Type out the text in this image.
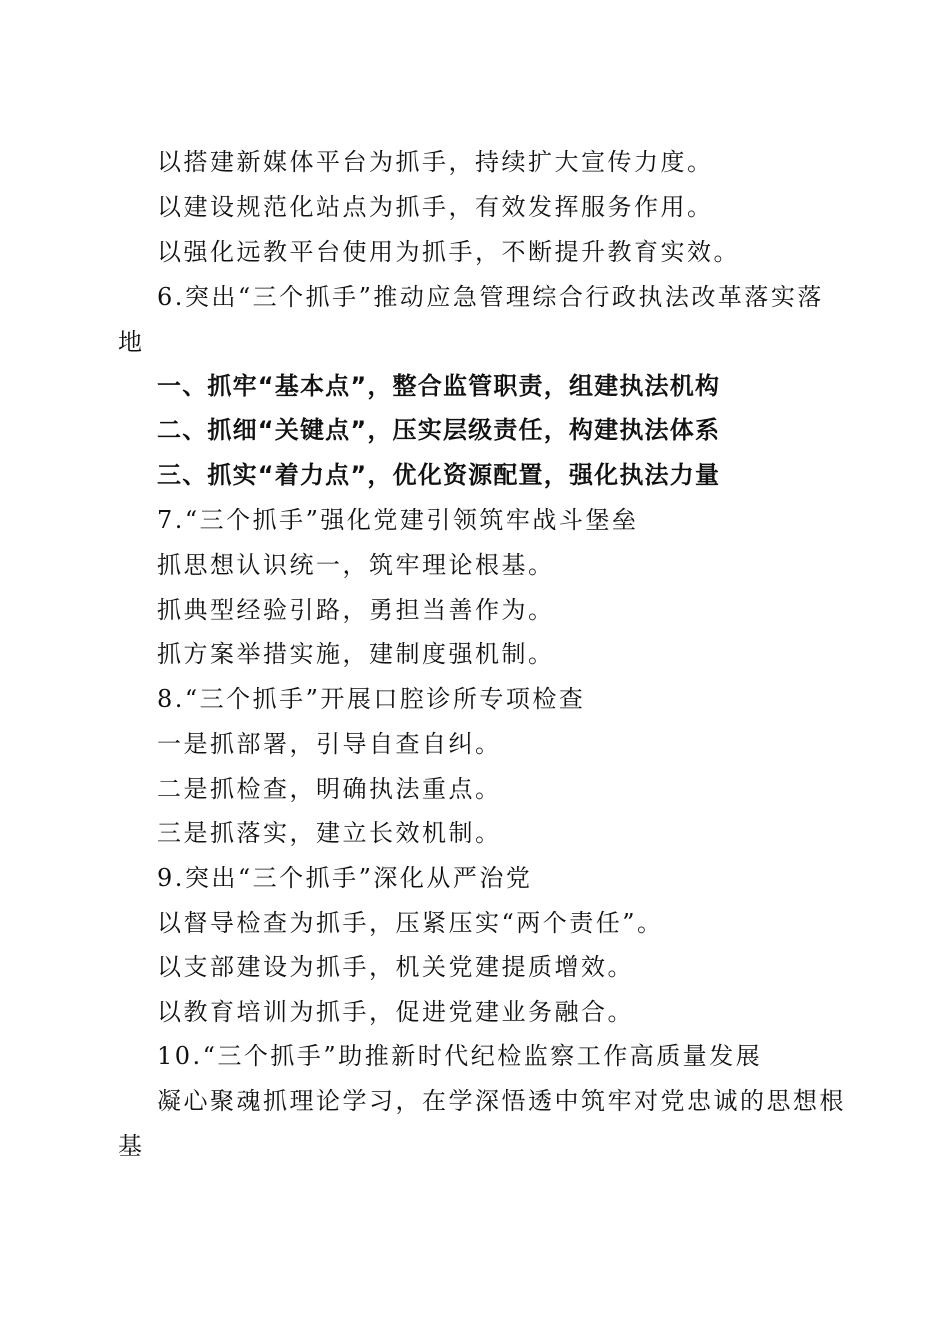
以搭建新媒体平台为抓手，持续扩大宣传力度。
以建设规范化站点为抓手，有效发挥服务作用。
以强化远教平台使用为抓手，不断提升教育实效。
6.突出“三个抓手”推动应急管理综合行政执法改革落实落
地
一、抓牢“基本点”，整合监管职责，组建执法机构
二、抓细“关键点”，压实层级责任，构建执法体系
三、抓实“着力点”，优化资源配置，强化执法力量
7.“三个抓手”强化党建引领筑牢战斗堡垒
抓思想认识统一，筑牢理论根基。
抓典型经验引路，勇担当善作为。
抓方案举措实施，建制度强机制。
8.“三个抓手”开展口腔诊所专项检查
一是抓部署，引导自查自纠。
二是抓检查，明确执法重点。
三是抓落实，建立长效机制。
9.突出“三个抓手”深化从严治党
以督导检查为抓手，压紧压实“两个责任”。
以支部建设为抓手，机关党建提质增效。
以教育培训为抓手，促进党建业务融合。
10.“三个抓手”助推新时代纪检监察工作高质量发展
凝心聚魂抓理论学习，在学深悟透中筑牢对党忠诚的思想根
基
